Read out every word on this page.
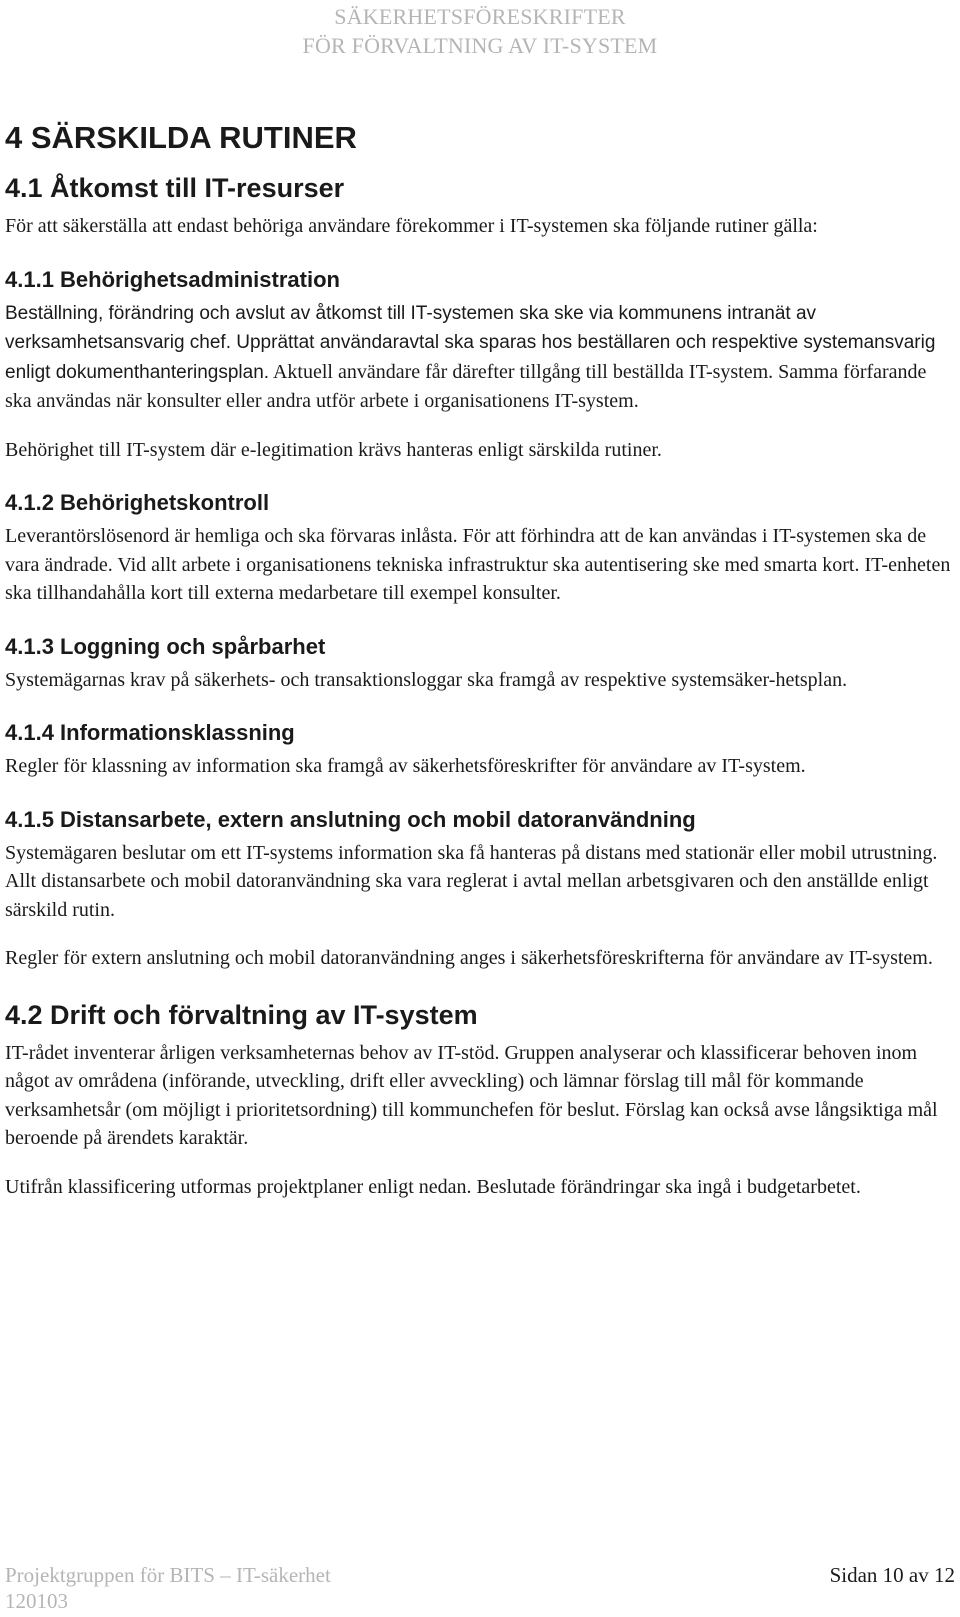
SÄKERHETSFÖRESKRIFTER
FÖR FÖRVALTNING AV IT-SYSTEM
4 SÄRSKILDA RUTINER
4.1 Åtkomst till IT-resurser

För att säkerställa att endast behöriga användare förekommer i IT-systemen ska följande rutiner gälla:

4.1.1 Behörighetsadministration

Beställning, förändring och avslut av åtkomst till IT-systemen ska ske via kommunens intranät av verksamhetsansvarig chef. Upprättat användaravtal ska sparas hos beställaren och respektive systemansvarig enligt dokumenthanteringsplan. Aktuell användare får därefter tillgång till beställda IT-system. Samma förfarande ska användas när konsulter eller andra utför arbete i organisationens IT-system.

Behörighet till IT-system där e-legitimation krävs hanteras enligt särskilda rutiner.

4.1.2 Behörighetskontroll

Leverantörslösenord är hemliga och ska förvaras inlåsta. För att förhindra att de kan användas i IT-systemen ska de vara ändrade. Vid allt arbete i organisationens tekniska infrastruktur ska autentisering ske med smarta kort. IT-enheten ska tillhandahålla kort till externa medarbetare till exempel konsulter.

4.1.3 Loggning och spårbarhet

Systemägarnas krav på säkerhets- och transaktionsloggar ska framgå av respektive systemsäker-hetsplan.

4.1.4 Informationsklassning

Regler för klassning av information ska framgå av säkerhetsföreskrifter för användare av IT-system.

4.1.5 Distansarbete, extern anslutning och mobil datoranvändning

Systemägaren beslutar om ett IT-systems information ska få hanteras på distans med stationär eller mobil utrustning. Allt distansarbete och mobil datoranvändning ska vara reglerat i avtal mellan arbetsgivaren och den anställde enligt särskild rutin.

Regler för extern anslutning och mobil datoranvändning anges i säkerhetsföreskrifterna för användare av IT-system.

4.2 Drift och förvaltning av IT-system

IT-rådet inventerar årligen verksamheternas behov av IT-stöd. Gruppen analyserar och klassificerar behoven inom något av områdena (införande, utveckling, drift eller avveckling) och lämnar förslag till mål för kommande verksamhetsår (om möjligt i prioritetsordning) till kommunchefen för beslut. Förslag kan också avse långsiktiga mål beroende på ärendets karaktär.

Utifrån klassificering utformas projektplaner enligt nedan. Beslutade förändringar ska ingå i budgetarbetet.

Projektgruppen för BITS – IT-säkerhet
120103
Sidan 10 av 12
